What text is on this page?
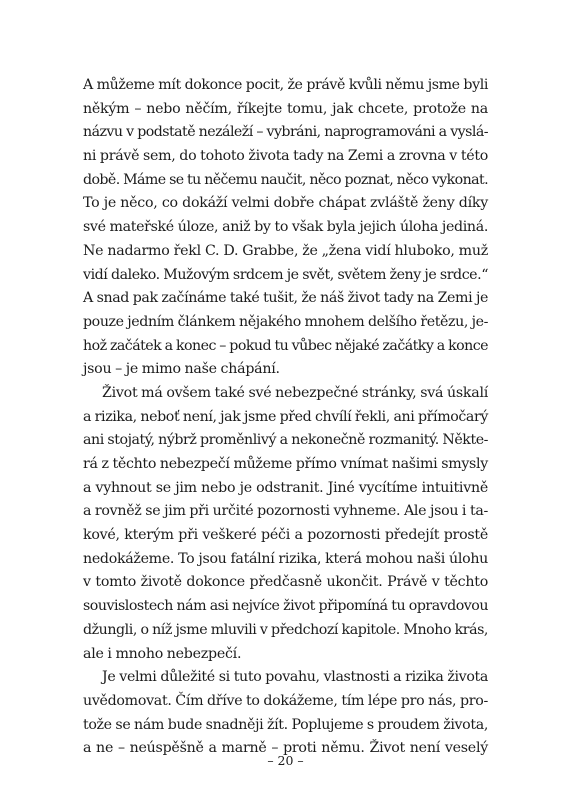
A můžeme mít dokonce pocit, že právě kvůli němu jsme byli
někým – nebo něčím, říkejte tomu, jak chcete, protože na
názvu v podstatě nezáleží – vybráni, naprogramováni a vyslá-
ni právě sem, do tohoto života tady na Zemi a zrovna v této
době. Máme se tu něčemu naučit, něco poznat, něco vykonat.
To je něco, co dokáží velmi dobře chápat zvláště ženy díky
své mateřské úloze, aniž by to však byla jejich úloha jediná.
Ne nadarmo řekl C. D. Grabbe, že „žena vidí hluboko, muž
vidí daleko. Mužovým srdcem je svět, světem ženy je srdce.“
A snad pak začínáme také tušit, že náš život tady na Zemi je
pouze jedním článkem nějakého mnohem delšího řetězu, je-
hož začátek a konec – pokud tu vůbec nějaké začátky a konce
jsou – je mimo naše chápání.
Život má ovšem také své nebezpečné stránky, svá úskalí
a rizika, neboť není, jak jsme před chvílí řekli, ani přímočarý
ani stojatý, nýbrž proměnlivý a nekonečně rozmanitý. Někte-
rá z těchto nebezpečí můžeme přímo vnímat našimi smysly
a vyhnout se jim nebo je odstranit. Jiné vycítíme intuitivně
a rovněž se jim při určité pozornosti vyhneme. Ale jsou i ta-
kové, kterým při veškeré péči a pozornosti předejít prostě
nedokážeme. To jsou fatální rizika, která mohou naši úlohu
v tomto životě dokonce předčasně ukončit. Právě v těchto
souvislostech nám asi nejvíce život připomíná tu opravdovou
džungli, o níž jsme mluvili v předchozí kapitole. Mnoho krás,
ale i mnoho nebezpečí.
Je velmi důležité si tuto povahu, vlastnosti a rizika života
uvědomovat. Čím dříve to dokážeme, tím lépe pro nás, pro-
tože se nám bude snadněji žít. Poplujeme s proudem života,
a ne – neúspěšně a marně – proti němu. Život není veselý
– 20 –
